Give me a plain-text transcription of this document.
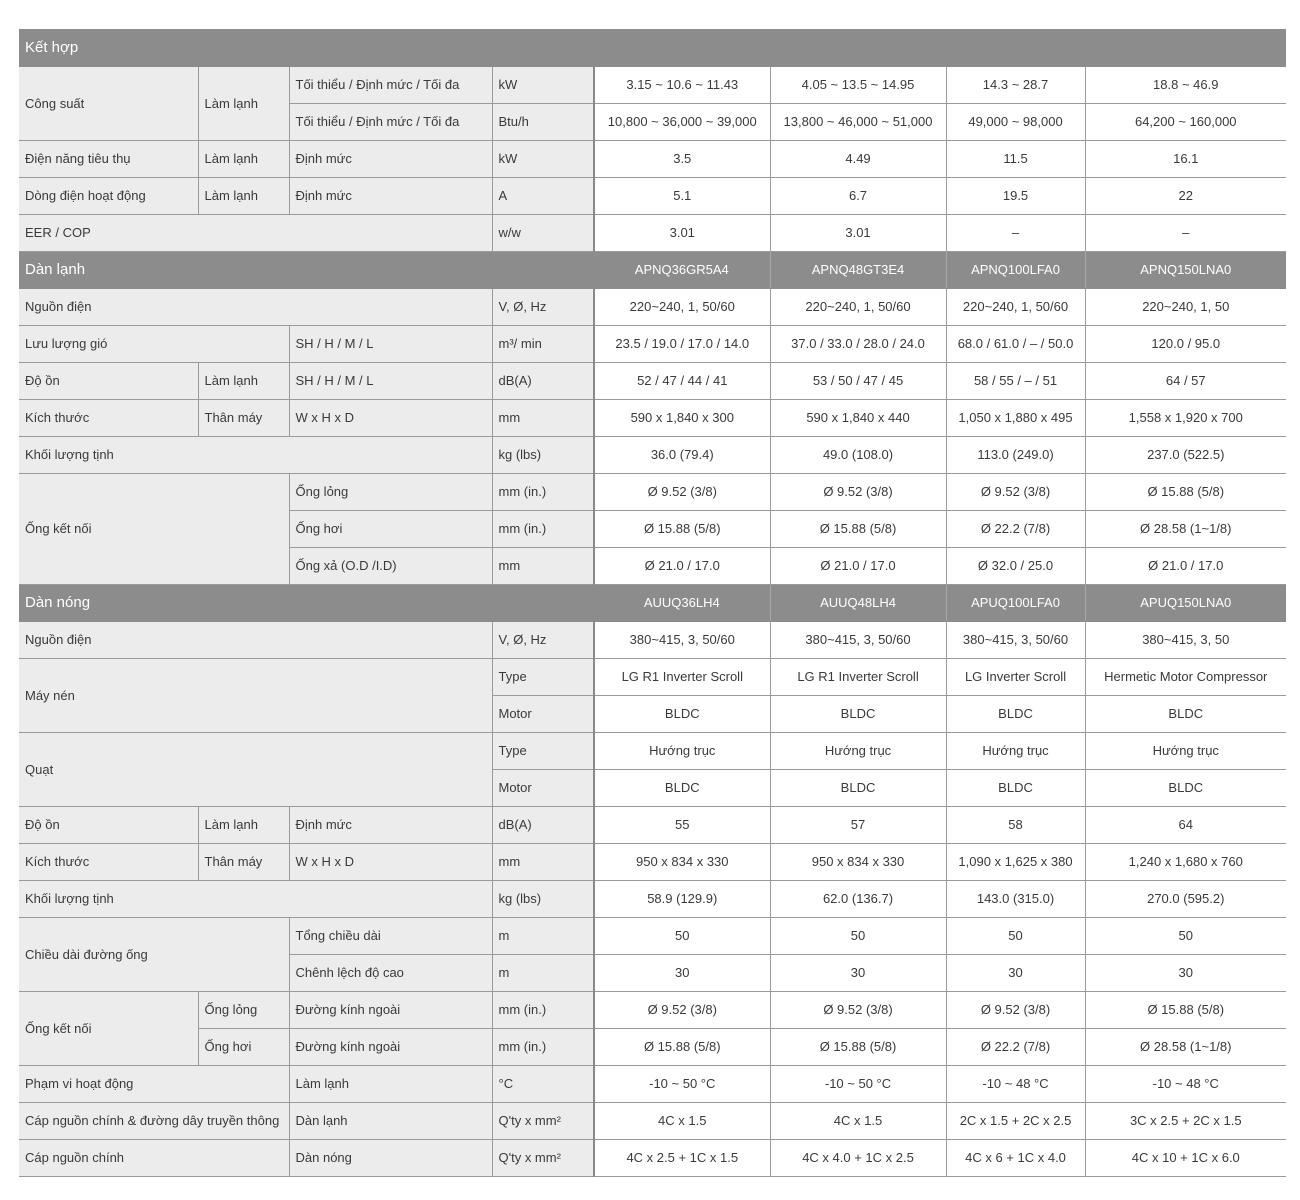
Kết hợp							
Công suất	Làm lạnh	Tối thiểu / Định mức / Tối đa	kW	3.15 ~ 10.6 ~ 11.43	4.05 ~ 13.5 ~ 14.95	14.3 ~ 28.7	18.8 ~ 46.9
		Tối thiểu / Định mức / Tối đa	Btu/h	10,800 ~ 36,000 ~ 39,000	13,800 ~ 46,000 ~ 51,000	49,000 ~ 98,000	64,200 ~ 160,000
Điện năng tiêu thụ	Làm lạnh	Định mức	kW	3.5	4.49	11.5	16.1
Dòng điện hoạt động	Làm lạnh	Định mức	A	5.1	6.7	19.5	22
EER / COP			w/w	3.01	3.01	–	–
Dàn lạnh				APNQ36GR5A4	APNQ48GT3E4	APNQ100LFA0	APNQ150LNA0
Nguồn điện			V, Ø, Hz	220~240, 1, 50/60	220~240, 1, 50/60	220~240, 1, 50/60	220~240, 1, 50
Lưu lượng gió		SH / H / M / L	m³/ min	23.5 / 19.0 / 17.0 / 14.0	37.0 / 33.0 / 28.0 / 24.0	68.0 / 61.0 / – / 50.0	120.0 / 95.0
Độ ồn	Làm lạnh	SH / H / M / L	dB(A)	52 / 47 / 44 / 41	53 / 50 / 47 / 45	58 / 55 / – / 51	64 / 57
Kích thước	Thân máy	W x H x D	mm	590 x 1,840 x 300	590 x 1,840 x 440	1,050 x 1,880 x 495	1,558 x 1,920 x 700
Khối lượng tịnh			kg (lbs)	36.0 (79.4)	49.0 (108.0)	113.0 (249.0)	237.0 (522.5)
Ống kết nối		Ống lỏng	mm (in.)	Ø 9.52 (3/8)	Ø 9.52 (3/8)	Ø 9.52 (3/8)	Ø 15.88 (5/8)
		Ống hơi	mm (in.)	Ø 15.88 (5/8)	Ø 15.88 (5/8)	Ø 22.2 (7/8)	Ø 28.58 (1~1/8)
		Ống xả (O.D /I.D)	mm	Ø 21.0 / 17.0	Ø 21.0 / 17.0	Ø 32.0 / 25.0	Ø 21.0 / 17.0
Dàn nóng				AUUQ36LH4	AUUQ48LH4	APUQ100LFA0	APUQ150LNA0
Nguồn điện			V, Ø, Hz	380~415, 3, 50/60	380~415, 3, 50/60	380~415, 3, 50/60	380~415, 3, 50
Máy nén			Type	LG R1 Inverter Scroll	LG R1 Inverter Scroll	LG Inverter Scroll	Hermetic Motor Compressor
			Motor	BLDC	BLDC	BLDC	BLDC
Quạt			Type	Hướng trục	Hướng trục	Hướng trục	Hướng trục
			Motor	BLDC	BLDC	BLDC	BLDC
Độ ồn	Làm lạnh	Định mức	dB(A)	55	57	58	64
Kích thước	Thân máy	W x H x D	mm	950 x 834 x 330	950 x 834 x 330	1,090 x 1,625 x 380	1,240 x 1,680 x 760
Khối lượng tịnh			kg (lbs)	58.9 (129.9)	62.0 (136.7)	143.0 (315.0)	270.0 (595.2)
Chiều dài đường ống		Tổng chiều dài	m	50	50	50	50
		Chênh lệch độ cao	m	30	30	30	30
Ống kết nối	Ống lỏng	Đường kính ngoài	mm (in.)	Ø 9.52 (3/8)	Ø 9.52 (3/8)	Ø 9.52 (3/8)	Ø 15.88 (5/8)
	Ống hơi	Đường kính ngoài	mm (in.)	Ø 15.88 (5/8)	Ø 15.88 (5/8)	Ø 22.2 (7/8)	Ø 28.58 (1~1/8)
Phạm vi hoạt động		Làm lạnh	°C	-10 ~ 50 °C	-10 ~ 50 °C	-10 ~ 48 °C	-10 ~ 48 °C
Cáp nguồn chính & đường dây truyền thông		Dàn lạnh	Q'ty x mm²	4C x 1.5	4C x 1.5	2C x 1.5 + 2C x 2.5	3C x 2.5 + 2C x 1.5
Cáp nguồn chính		Dàn nóng	Q'ty x mm²	4C x 2.5 + 1C x 1.5	4C x 4.0 + 1C x 2.5	4C x 6 + 1C x 4.0	4C x 10 + 1C x 6.0
